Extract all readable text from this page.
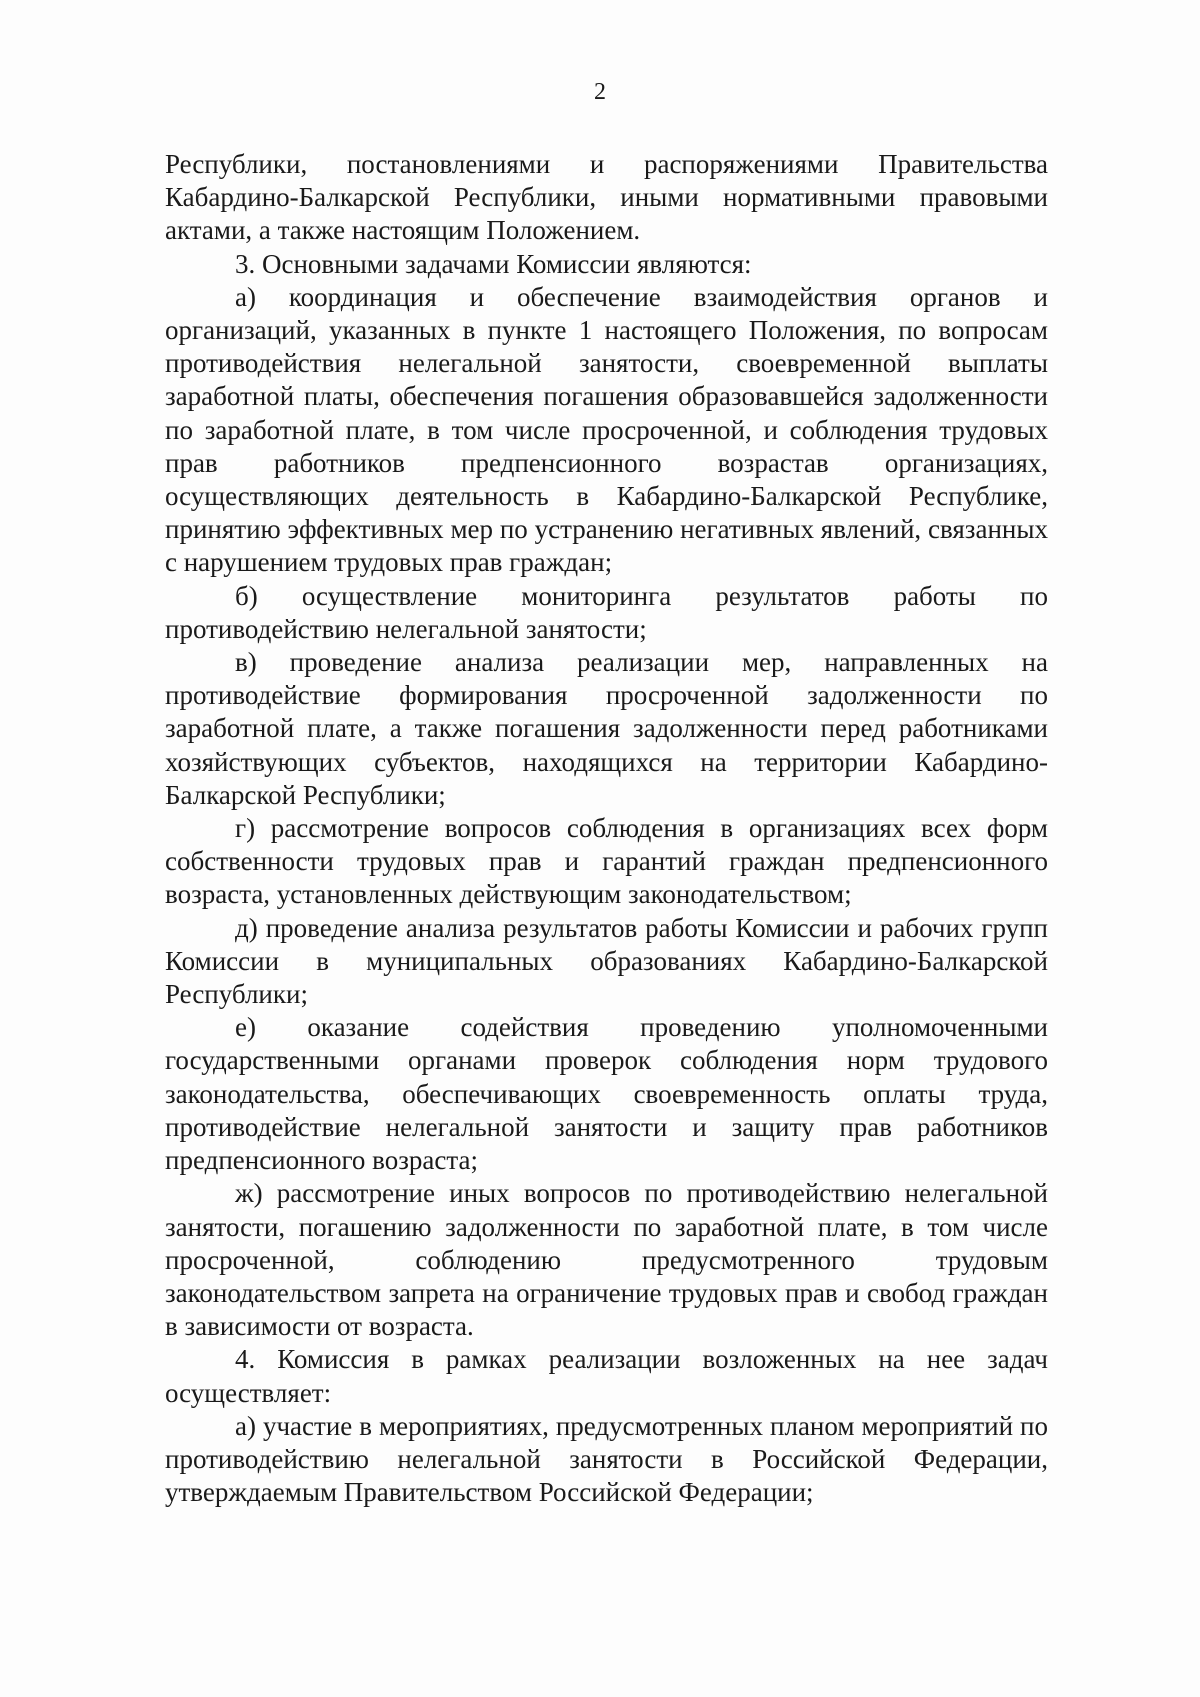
2

Республики, постановлениями и распоряжениями Правительства Кабардино-Балкарской Республики, иными нормативными правовыми актами, а также настоящим Положением.

3. Основными задачами Комиссии являются:

а) координация и обеспечение взаимодействия органов и организаций, указанных в пункте 1 настоящего Положения, по вопросам противодействия нелегальной занятости, своевременной выплаты заработной платы, обеспечения погашения образовавшейся задолженности по заработной плате, в том числе просроченной, и соблюдения трудовых прав работников предпенсионного возрастав организациях, осуществляющих деятельность в Кабардино-Балкарской Республике, принятию эффективных мер по устранению негативных явлений, связанных с нарушением трудовых прав граждан;

б) осуществление мониторинга результатов работы по противодействию нелегальной занятости;

в) проведение анализа реализации мер, направленных на противодействие формирования просроченной задолженности по заработной плате, а также погашения задолженности перед работниками хозяйствующих субъектов, находящихся на территории Кабардино-Балкарской Республики;

г) рассмотрение вопросов соблюдения в организациях всех форм собственности трудовых прав и гарантий граждан предпенсионного возраста, установленных действующим законодательством;

д) проведение анализа результатов работы Комиссии и рабочих групп Комиссии в муниципальных образованиях Кабардино-Балкарской Республики;

е) оказание содействия проведению уполномоченными государственными органами проверок соблюдения норм трудового законодательства, обеспечивающих своевременность оплаты труда, противодействие нелегальной занятости и защиту прав работников предпенсионного возраста;

ж) рассмотрение иных вопросов по противодействию нелегальной занятости, погашению задолженности по заработной плате, в том числе просроченной, соблюдению предусмотренного трудовым законодательством запрета на ограничение трудовых прав и свобод граждан в зависимости от возраста.

4. Комиссия в рамках реализации возложенных на нее задач осуществляет:

а) участие в мероприятиях, предусмотренных планом мероприятий по противодействию нелегальной занятости в Российской Федерации, утверждаемым Правительством Российской Федерации;
